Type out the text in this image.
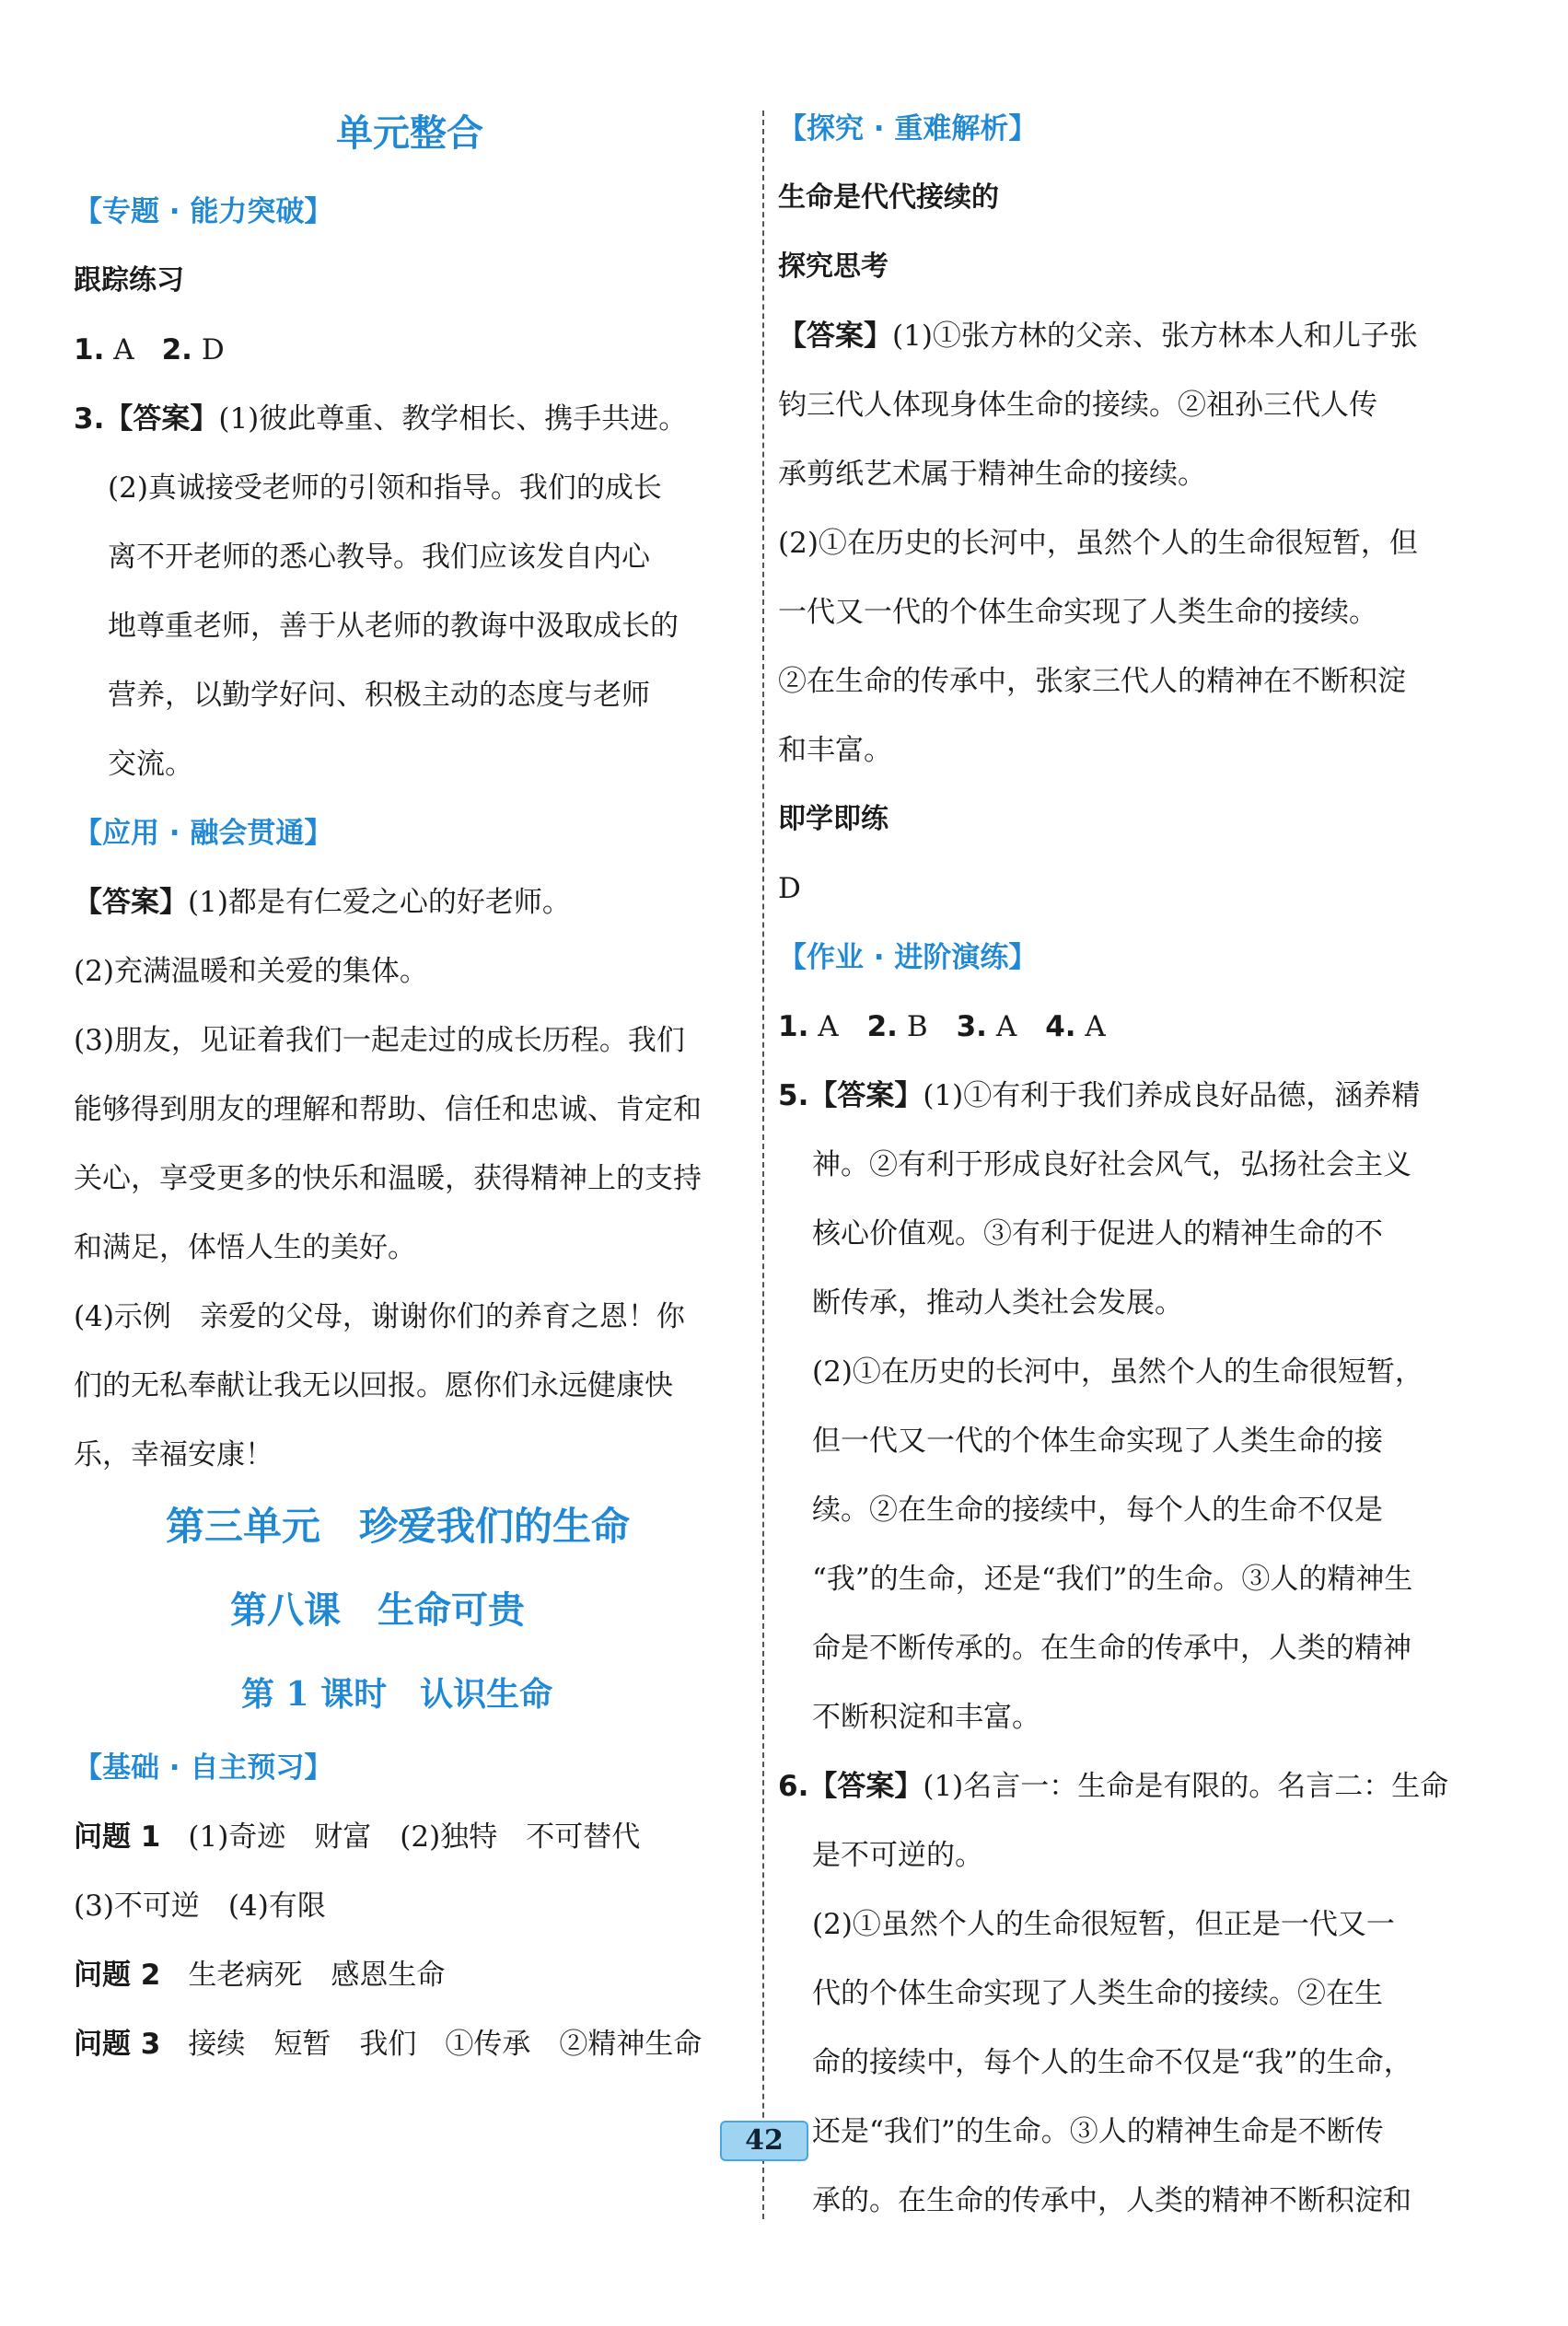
单元整合
【专题 · 能力突破】
跟踪练习
1. A 2. D
3.【答案】(1)彼此尊重、教学相长、携手共进。
(2)真诚接受老师的引领和指导。我们的成长
离不开老师的悉心教导。我们应该发自内心
地尊重老师，善于从老师的教诲中汲取成长的
营养，以勤学好问、积极主动的态度与老师
交流。
【应用 · 融会贯通】
【答案】(1)都是有仁爱之心的好老师。
(2)充满温暖和关爱的集体。
(3)朋友，见证着我们一起走过的成长历程。我们
能够得到朋友的理解和帮助、信任和忠诚、肯定和
关心，享受更多的快乐和温暖，获得精神上的支持
和满足，体悟人生的美好。
(4)示例　亲爱的父母，谢谢你们的养育之恩！你
们的无私奉献让我无以回报。愿你们永远健康快
乐，幸福安康！
第三单元　珍爱我们的生命
第八课　生命可贵
第 1 课时　认识生命
【基础 · 自主预习】
问题 1 (1)奇迹　财富　(2)独特　不可替代
(3)不可逆　(4)有限
问题 2 生老病死　感恩生命
问题 3 接续　短暂　我们　①传承　②精神生命
【探究 · 重难解析】
生命是代代接续的
探究思考
【答案】(1)①张方林的父亲、张方林本人和儿子张
钧三代人体现身体生命的接续。②祖孙三代人传
承剪纸艺术属于精神生命的接续。
(2)①在历史的长河中，虽然个人的生命很短暂，但
一代又一代的个体生命实现了人类生命的接续。
②在生命的传承中，张家三代人的精神在不断积淀
和丰富。
即学即练
D
【作业 · 进阶演练】
1. A　2. B　3. A　4. A
5.【答案】(1)①有利于我们养成良好品德，涵养精
神。②有利于形成良好社会风气，弘扬社会主义
核心价值观。③有利于促进人的精神生命的不
断传承，推动人类社会发展。
(2)①在历史的长河中，虽然个人的生命很短暂，
但一代又一代的个体生命实现了人类生命的接
续。②在生命的接续中，每个人的生命不仅是
“我”的生命，还是“我们”的生命。③人的精神生
命是不断传承的。在生命的传承中，人类的精神
不断积淀和丰富。
6.【答案】(1)名言一：生命是有限的。名言二：生命
是不可逆的。
(2)①虽然个人的生命很短暂，但正是一代又一
代的个体生命实现了人类生命的接续。②在生
命的接续中，每个人的生命不仅是“我”的生命，
还是“我们”的生命。③人的精神生命是不断传
承的。在生命的传承中，人类的精神不断积淀和
42
